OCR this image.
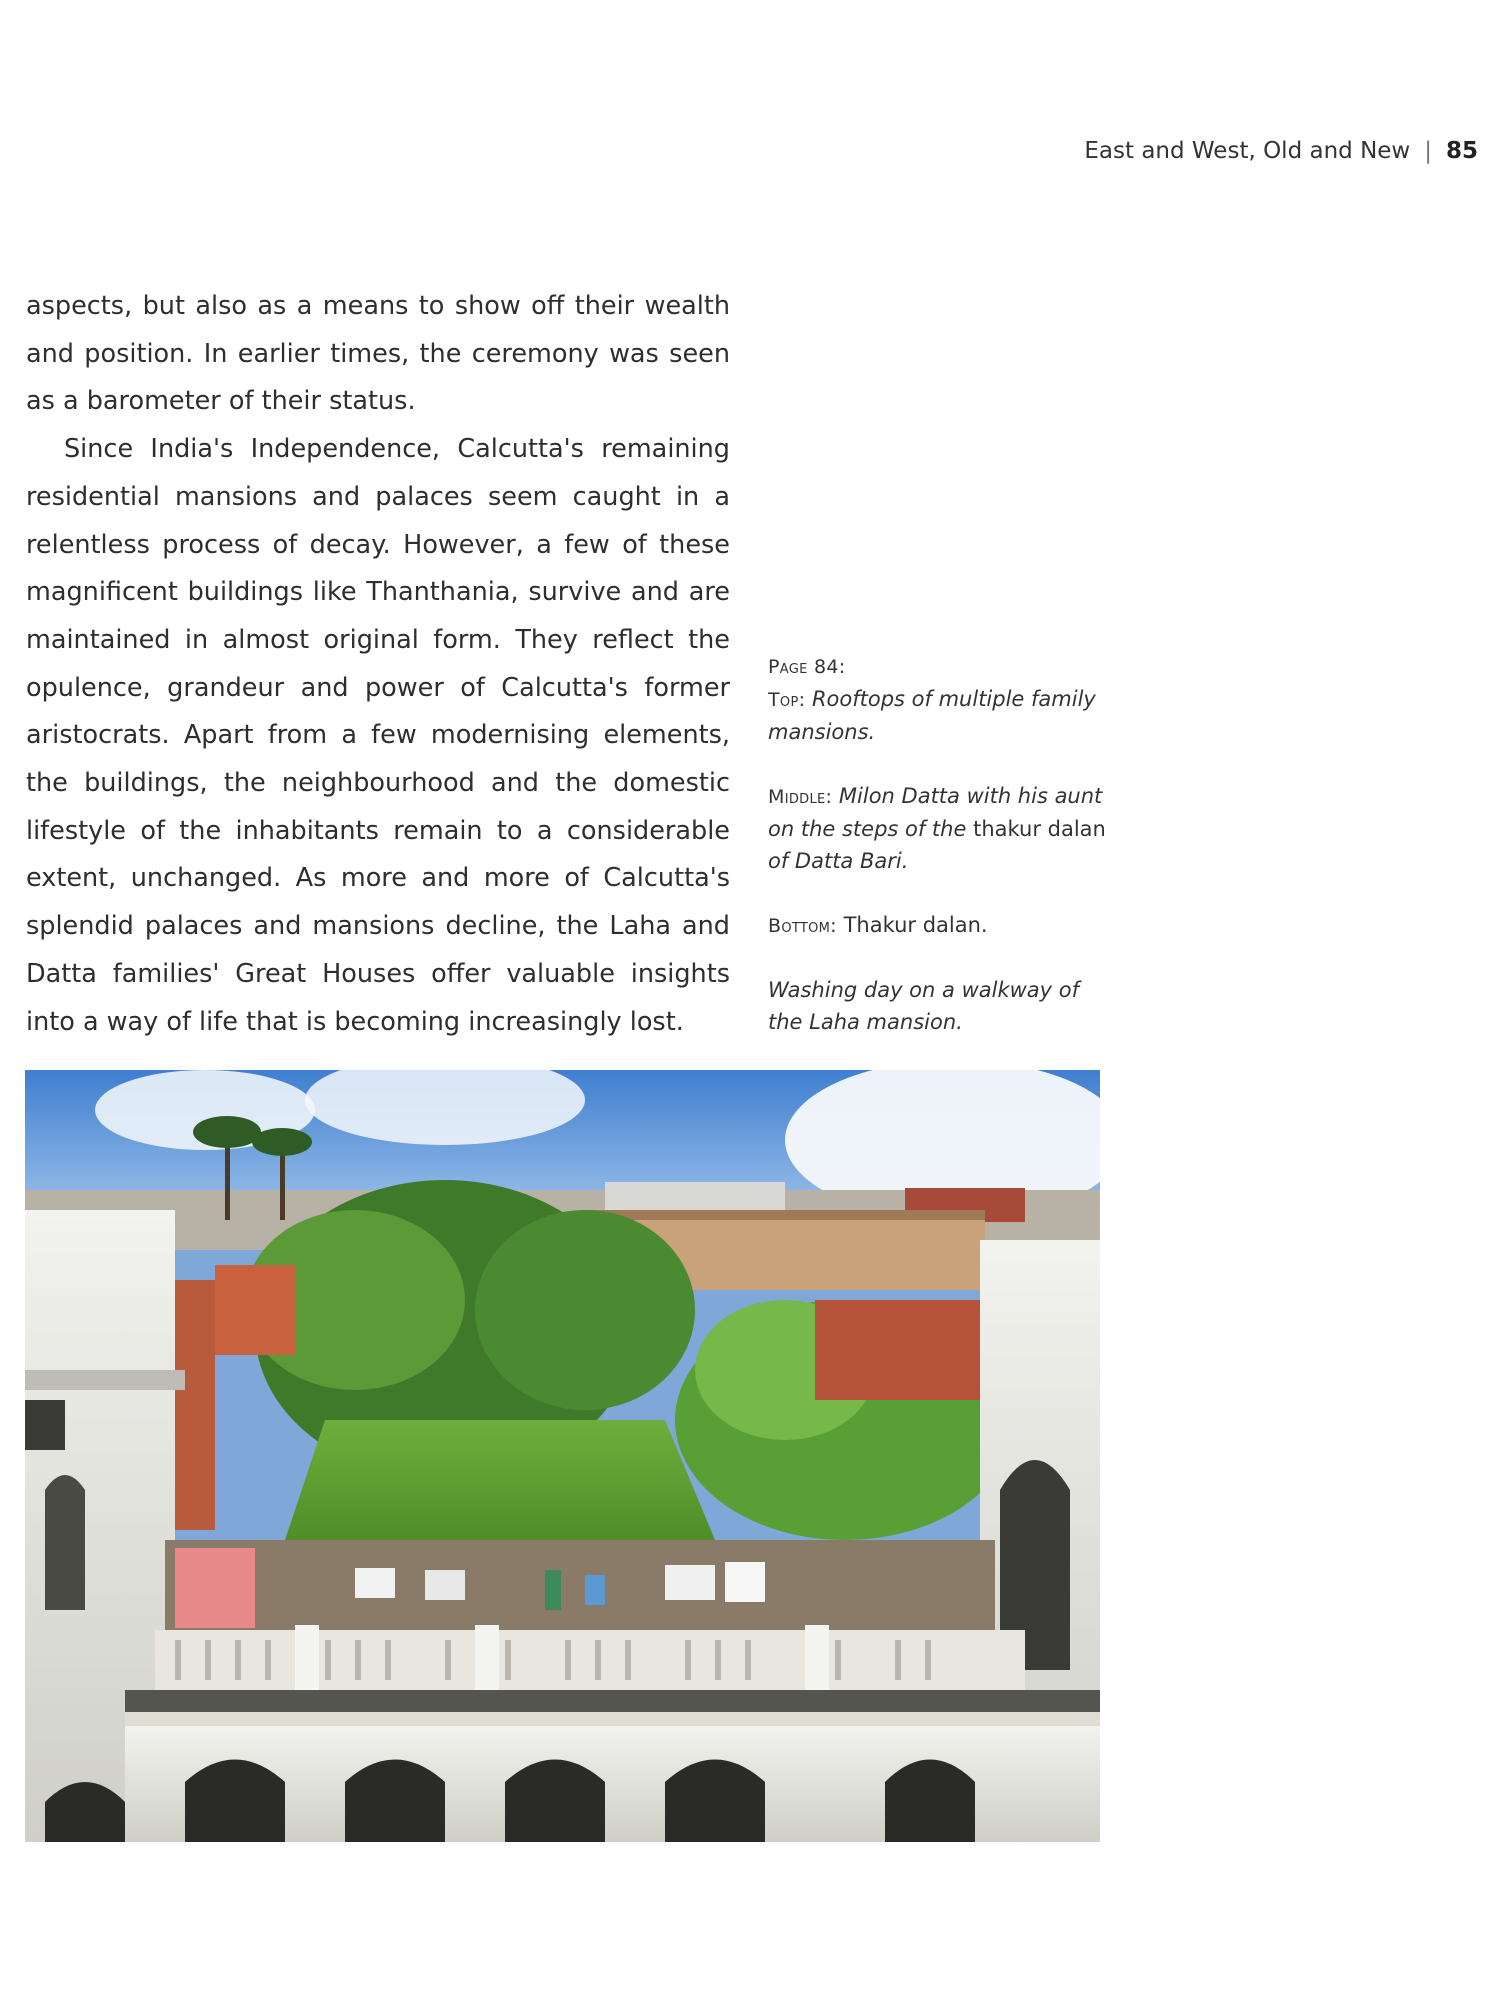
East and West, Old and New | 85

aspects, but also as a means to show off their wealth and position. In earlier times, the ceremony was seen as a barometer of their status.

Since India's Independence, Calcutta's remaining residential mansions and palaces seem caught in a relentless process of decay. However, a few of these magnificent buildings like Thanthania, survive and are maintained in almost original form. They reflect the opulence, grandeur and power of Calcutta's former aristocrats. Apart from a few modernising elements, the buildings, the neighbourhood and the domestic lifestyle of the inhabitants remain to a considerable extent, unchanged. As more and more of Calcutta's splendid palaces and mansions decline, the Laha and Datta families' Great Houses offer valuable insights into a way of life that is becoming increasingly lost.

Page 84:
Top: Rooftops of multiple family mansions.
Middle: Milon Datta with his aunt on the steps of the thakur dalan of Datta Bari.
Bottom: Thakur dalan.
Washing day on a walkway of the Laha mansion.
